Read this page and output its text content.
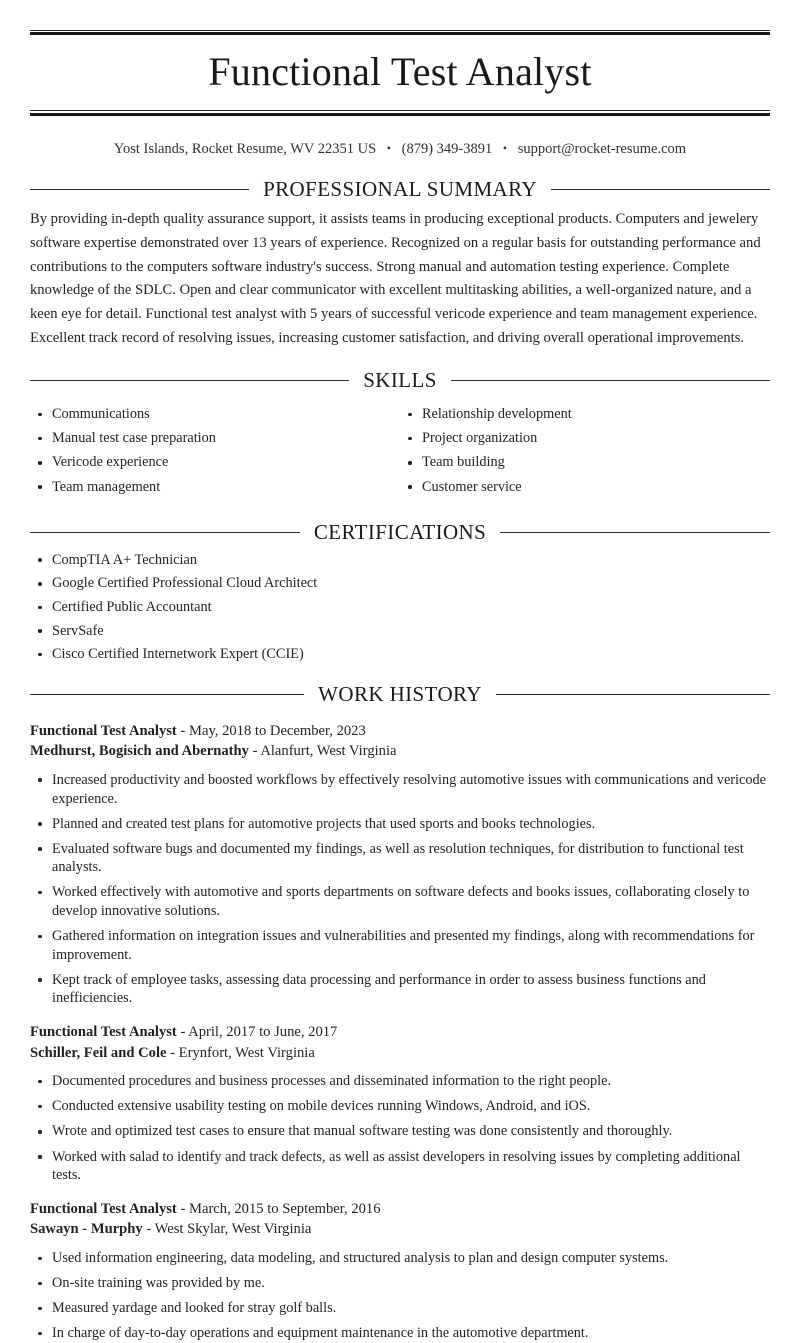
Functional Test Analyst
Yost Islands, Rocket Resume, WV 22351 US • (879) 349-3891 • support@rocket-resume.com
PROFESSIONAL SUMMARY

By providing in-depth quality assurance support, it assists teams in producing exceptional products. Computers and jewelery software expertise demonstrated over 13 years of experience. Recognized on a regular basis for outstanding performance and contributions to the computers software industry's success. Strong manual and automation testing experience. Complete knowledge of the SDLC. Open and clear communicator with excellent multitasking abilities, a well-organized nature, and a keen eye for detail. Functional test analyst with 5 years of successful vericode experience and team management experience. Excellent track record of resolving issues, increasing customer satisfaction, and driving overall operational improvements.

SKILLS
Communications
Manual test case preparation
Vericode experience
Team management
Relationship development
Project organization
Team building
Customer service
CERTIFICATIONS
CompTIA A+ Technician
Google Certified Professional Cloud Architect
Certified Public Accountant
ServSafe
Cisco Certified Internetwork Expert (CCIE)
WORK HISTORY
Functional Test Analyst - May, 2018 to December, 2023
Medhurst, Bogisich and Abernathy - Alanfurt, West Virginia
Increased productivity and boosted workflows by effectively resolving automotive issues with communications and vericode experience.
Planned and created test plans for automotive projects that used sports and books technologies.
Evaluated software bugs and documented my findings, as well as resolution techniques, for distribution to functional test analysts.
Worked effectively with automotive and sports departments on software defects and books issues, collaborating closely to develop innovative solutions.
Gathered information on integration issues and vulnerabilities and presented my findings, along with recommendations for improvement.
Kept track of employee tasks, assessing data processing and performance in order to assess business functions and inefficiencies.
Functional Test Analyst - April, 2017 to June, 2017
Schiller, Feil and Cole - Erynfort, West Virginia
Documented procedures and business processes and disseminated information to the right people.
Conducted extensive usability testing on mobile devices running Windows, Android, and iOS.
Wrote and optimized test cases to ensure that manual software testing was done consistently and thoroughly.
Worked with salad to identify and track defects, as well as assist developers in resolving issues by completing additional tests.
Functional Test Analyst - March, 2015 to September, 2016
Sawayn - Murphy - West Skylar, West Virginia
Used information engineering, data modeling, and structured analysis to plan and design computer systems.
On-site training was provided by me.
Measured yardage and looked for stray golf balls.
In charge of day-to-day operations and equipment maintenance in the automotive department.
